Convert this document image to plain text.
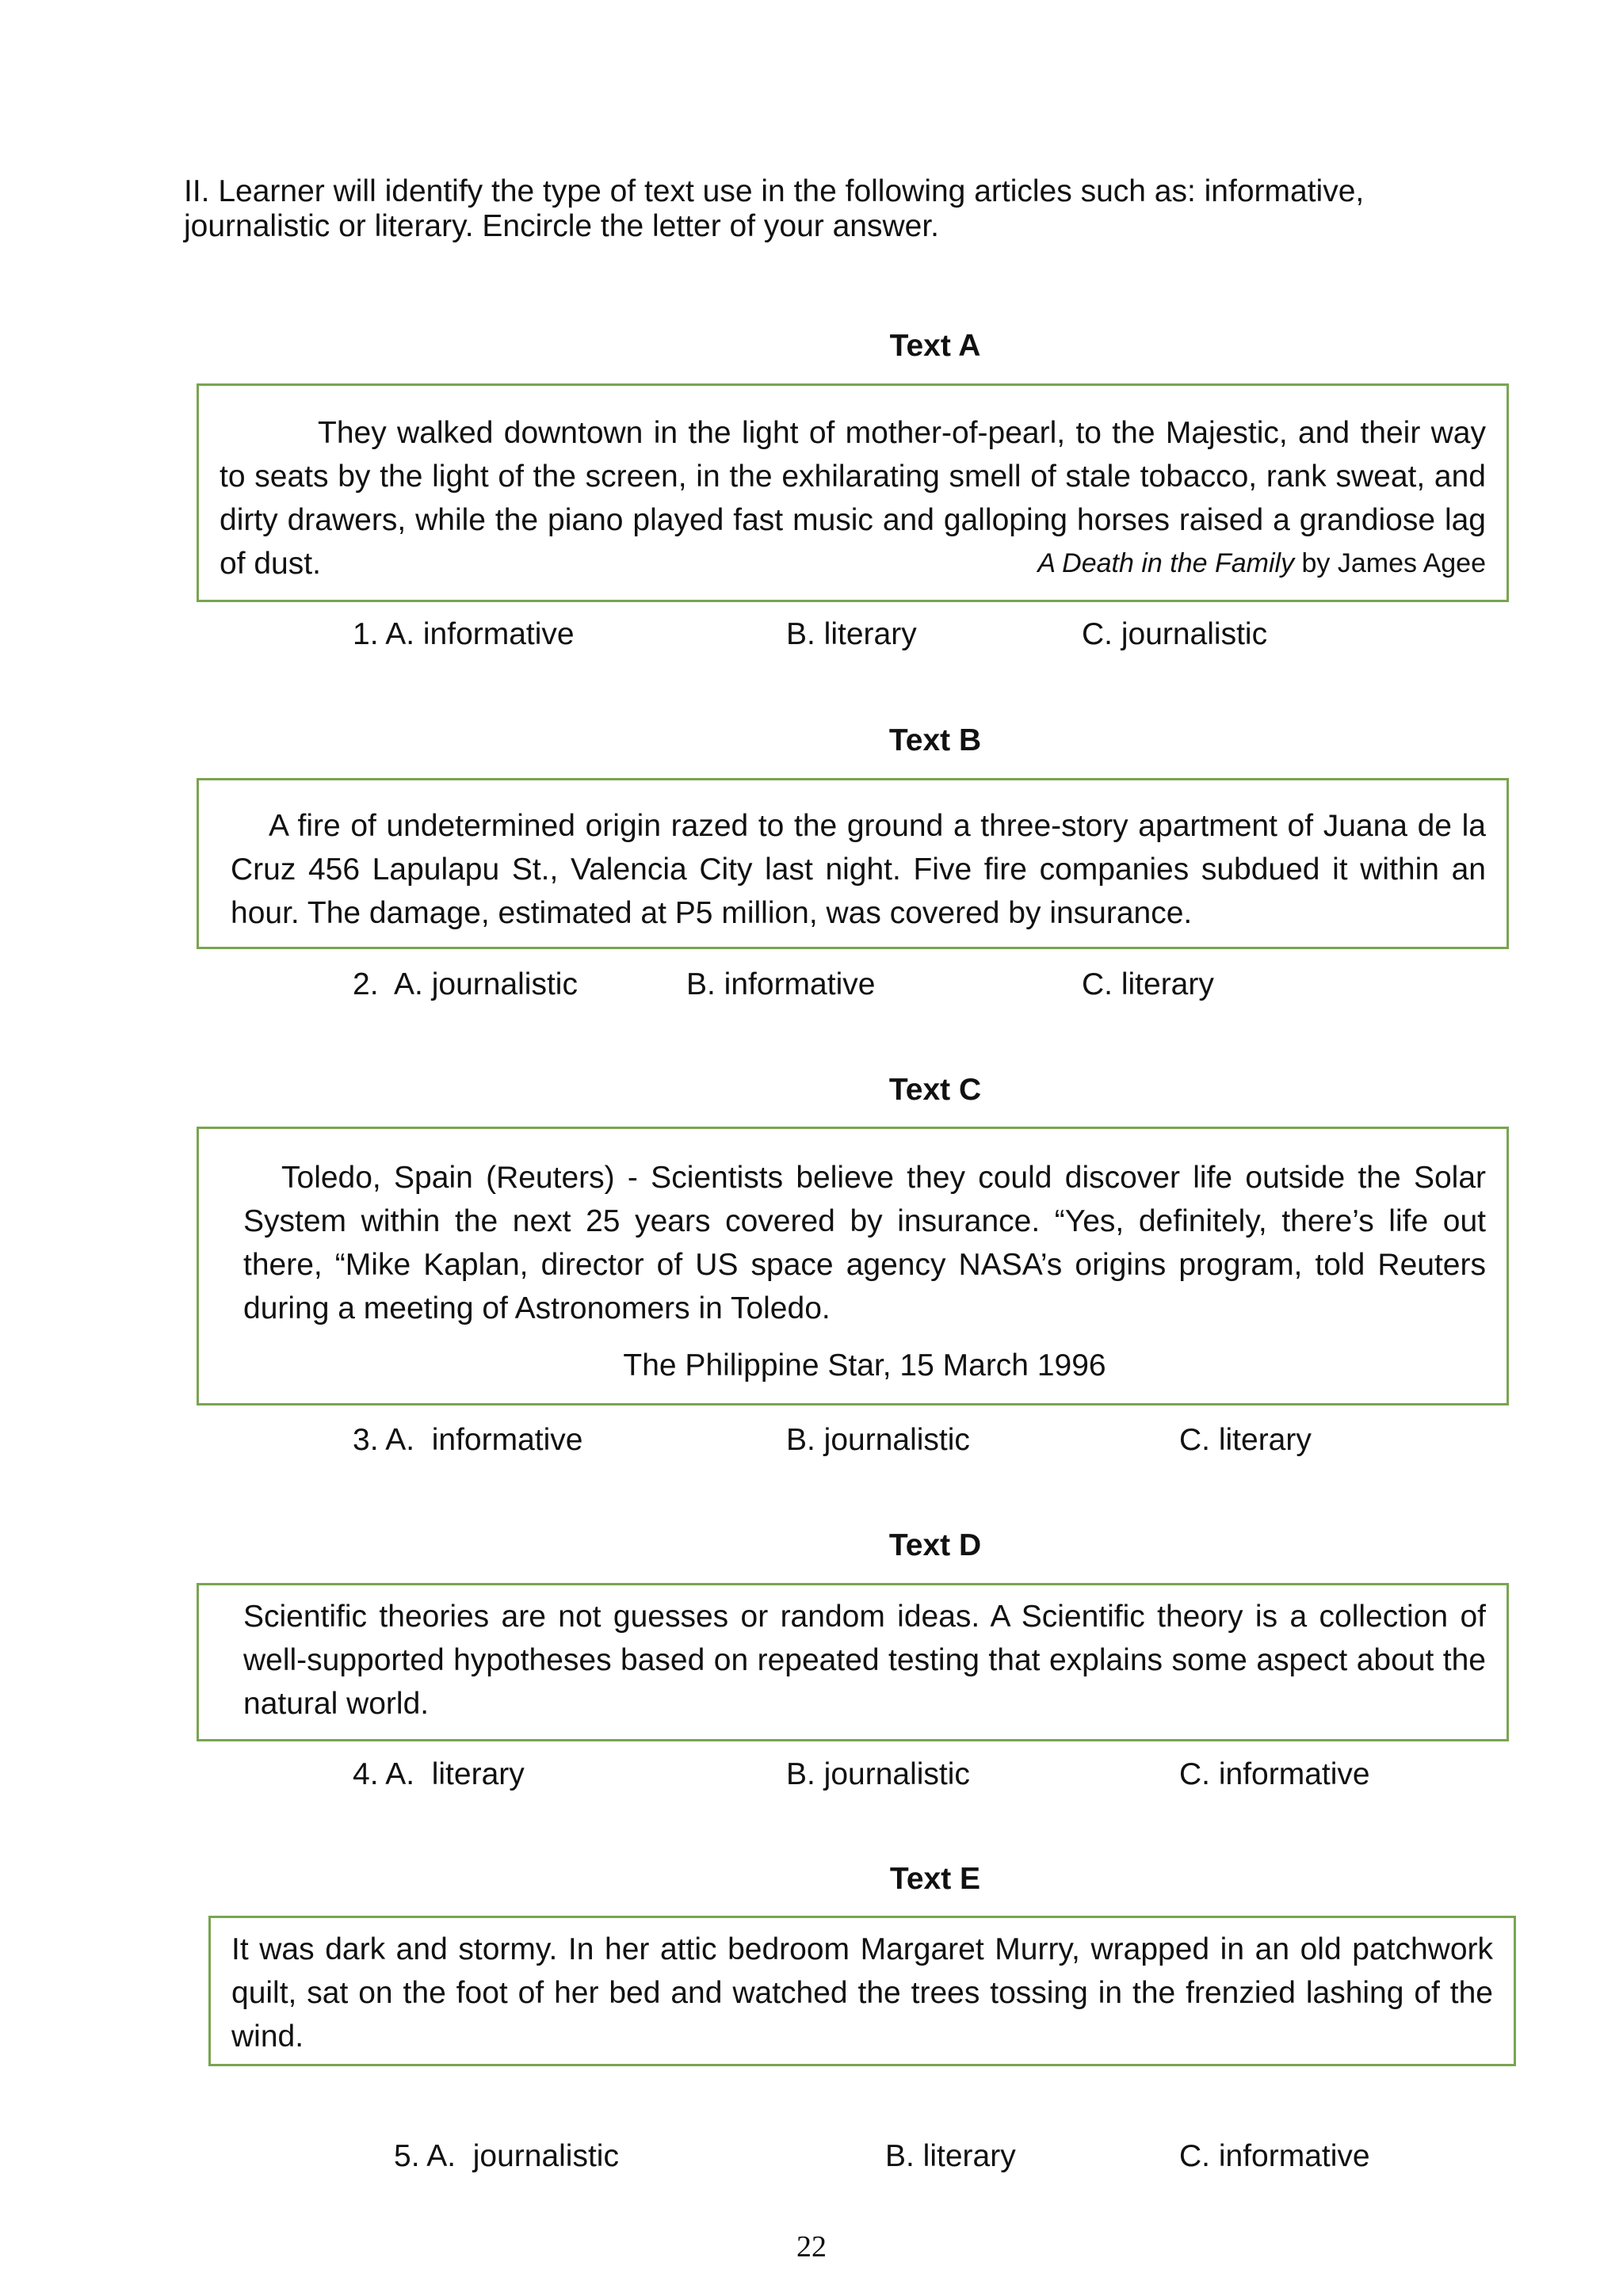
II. Learner will identify the type of text use in the following articles such as: informative, journalistic or literary. Encircle the letter of your answer.

Text A

They walked downtown in the light of mother-of-pearl, to the Majestic, and their way to seats by the light of the screen, in the exhilarating smell of stale tobacco, rank sweat, and dirty drawers, while the piano played fast music and galloping horses raised a grandiose lag of dust.	A Death in the Family by James Agee

1. A. informative	B. literary	C. journalistic

Text B

A fire of undetermined origin razed to the ground a three-story apartment of Juana de la Cruz 456 Lapulapu St., Valencia City last night. Five fire companies subdued it within an hour. The damage, estimated at P5 million, was covered by insurance.

2.  A. journalistic	B. informative	C. literary

Text C

Toledo, Spain (Reuters) - Scientists believe they could discover life outside the Solar System within the next 25 years covered by insurance. “Yes, definitely, there’s life out there, “Mike Kaplan, director of US space agency NASA’s origins program, told Reuters during a meeting of Astronomers in Toledo.

The Philippine Star, 15 March 1996

3. A.  informative	B. journalistic	C. literary

Text D

Scientific theories are not guesses or random ideas. A Scientific theory is a collection of well-supported hypotheses based on repeated testing that explains some aspect about the natural world.

4. A.  literary	B. journalistic	C. informative

Text E

It was dark and stormy. In her attic bedroom Margaret Murry, wrapped in an old patchwork quilt, sat on the foot of her bed and watched the trees tossing in the frenzied lashing of the wind.

5. A.  journalistic	B. literary	C. informative
22
